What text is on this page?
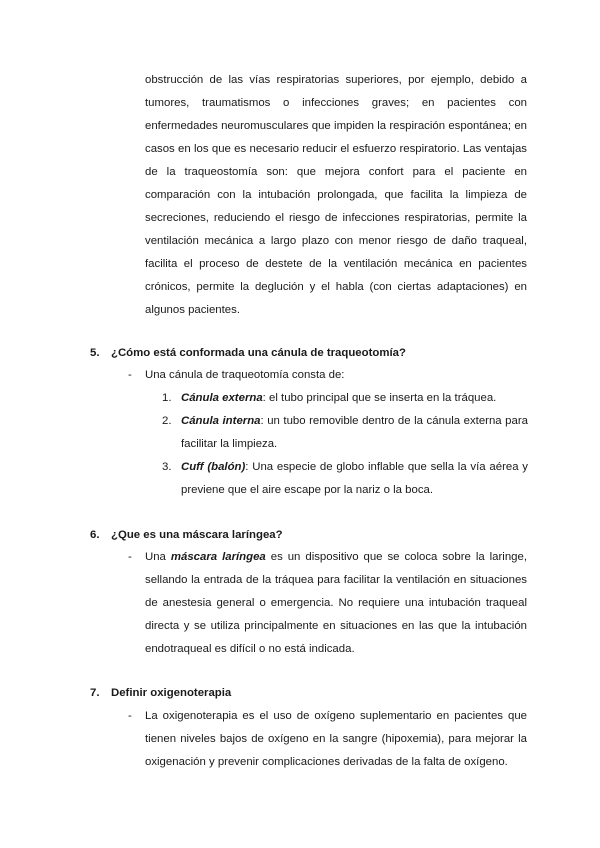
obstrucción de las vías respiratorias superiores, por ejemplo, debido a tumores, traumatismos o infecciones graves; en pacientes con enfermedades neuromusculares que impiden la respiración espontánea; en casos en los que es necesario reducir el esfuerzo respiratorio. Las ventajas de la traqueostomía son: que mejora confort para el paciente en comparación con la intubación prolongada, que facilita la limpieza de secreciones, reduciendo el riesgo de infecciones respiratorias, permite la ventilación mecánica a largo plazo con menor riesgo de daño traqueal, facilita el proceso de destete de la ventilación mecánica en pacientes crónicos, permite la deglución y el habla (con ciertas adaptaciones) en algunos pacientes.

5. ¿Cómo está conformada una cánula de traqueotomía?
- Una cánula de traqueotomía consta de:

1. Cánula externa: el tubo principal que se inserta en la tráquea.

2. Cánula interna: un tubo removible dentro de la cánula externa para facilitar la limpieza.

3. Cuff (balón): Una especie de globo inflable que sella la vía aérea y previene que el aire escape por la nariz o la boca.

6. ¿Que es una máscara laríngea?
- Una máscara laríngea es un dispositivo que se coloca sobre la laringe, sellando la entrada de la tráquea para facilitar la ventilación en situaciones de anestesia general o emergencia. No requiere una intubación traqueal directa y se utiliza principalmente en situaciones en las que la intubación endotraqueal es difícil o no está indicada.

7. Definir oxigenoterapia
- La oxigenoterapia es el uso de oxígeno suplementario en pacientes que tienen niveles bajos de oxígeno en la sangre (hipoxemia), para mejorar la oxigenación y prevenir complicaciones derivadas de la falta de oxígeno.
